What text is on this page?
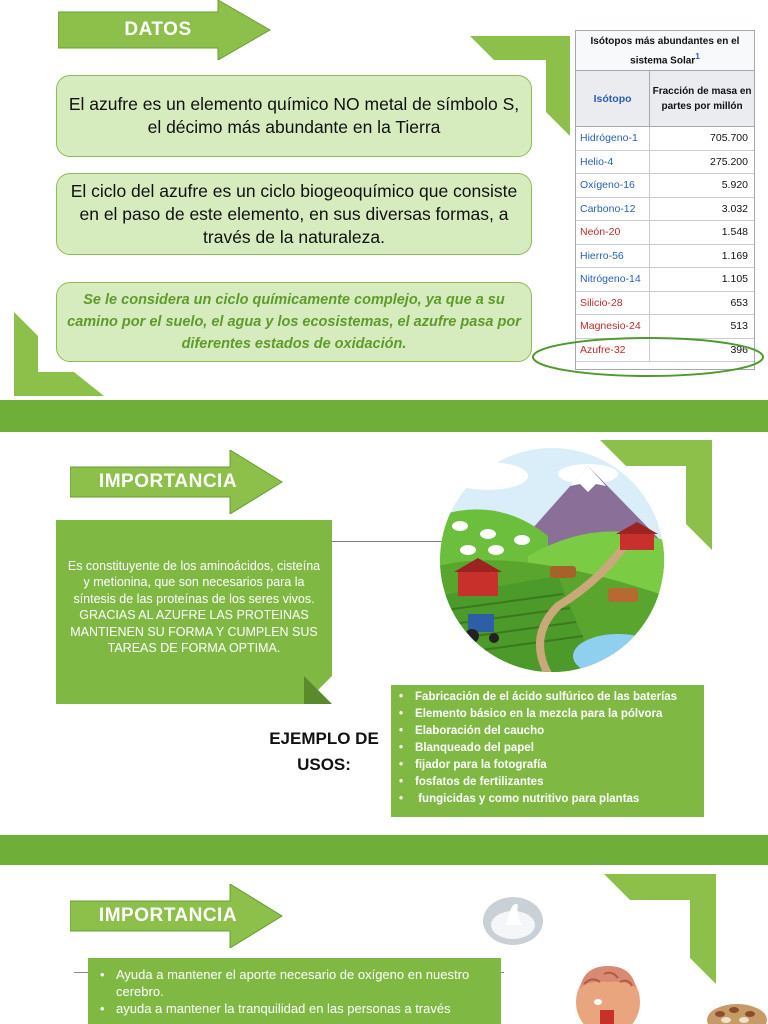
DATOS
El azufre es un elemento químico NO metal de símbolo S, el décimo más abundante en la Tierra
El ciclo del azufre es un ciclo biogeoquímico que consiste en el paso de este elemento, en sus diversas formas, a través de la naturaleza.
Se le considera un ciclo químicamente complejo, ya que a su camino por el suelo, el agua y los ecosistemas, el azufre pasa por diferentes estados de oxidación.
Isótopos más abundantes en el sistema Solar$^1$
Isótopo
Fracción de masa en partes por millón
Hidrógeno-1	705.700
Helio-4	275.200
Oxígeno-16	5.920
Carbono-12	3.032
Neón-20	1.548
Hierro-56	1.169
Nitrógeno-14	1.105
Silicio-28	653
Magnesio-24	513
Azufre-32	396
IMPORTANCIA

Es constituyente de los aminoácidos, cisteína y metionina, que son necesarios para la síntesis de las proteínas de los seres vivos.

GRACIAS AL AZUFRE LAS PROTEINAS MANTIENEN SU FORMA Y CUMPLEN SUS TAREAS DE FORMA OPTIMA.

EJEMPLO DE USOS:
• Fabricación de el ácido sulfúrico de las baterías
• Elemento básico en la mezcla para la pólvora
• Elaboración del caucho
• Blanqueado del papel
• fijador para la fotografía
• fosfatos de fertilizantes
• fungicidas y como nutritivo para plantas
IMPORTANCIA
• Ayuda a mantener el aporte necesario de oxígeno en nuestro cerebro.
• ayuda a mantener la tranquilidad en las personas a través
